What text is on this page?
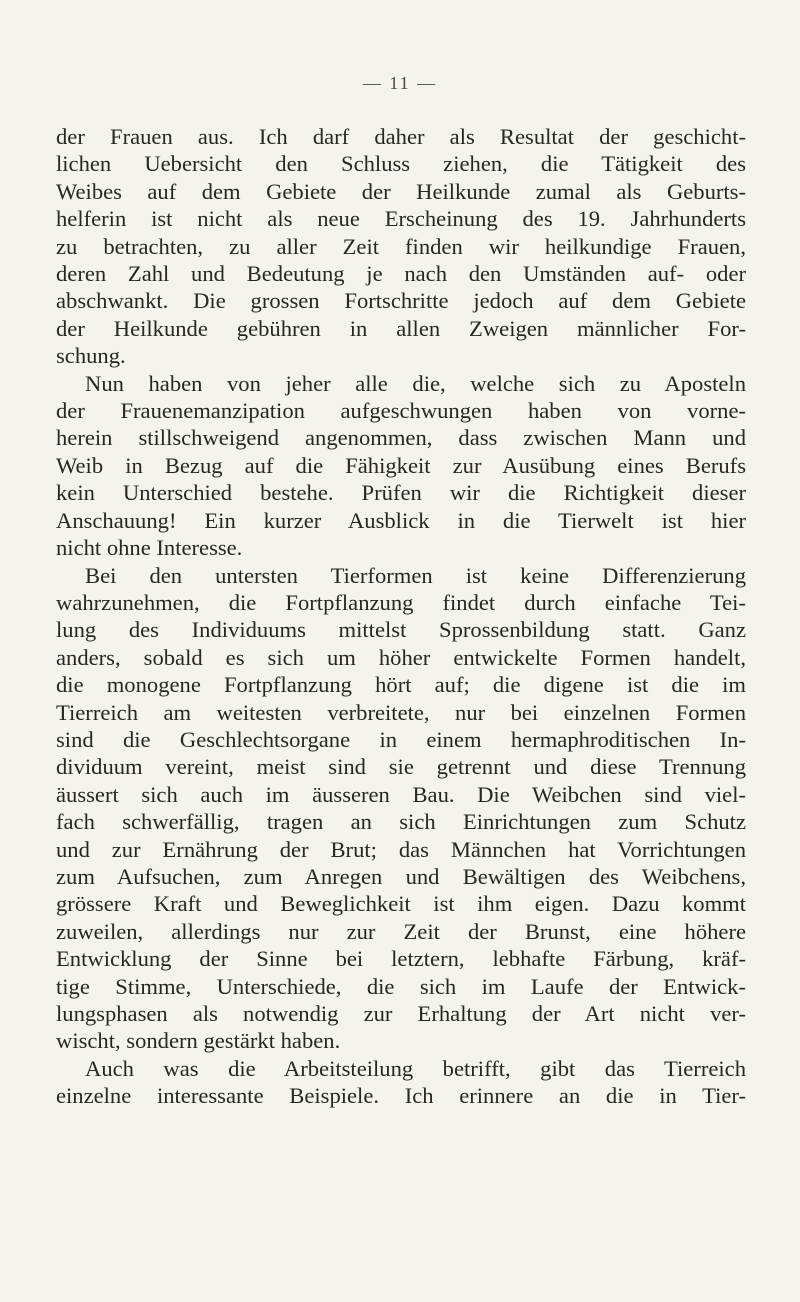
— 11 —
der Frauen aus. Ich darf daher als Resultat der geschicht-
lichen Uebersicht den Schluss ziehen, die Tätigkeit des
Weibes auf dem Gebiete der Heilkunde zumal als Geburts-
helferin ist nicht als neue Erscheinung des 19. Jahrhunderts
zu betrachten, zu aller Zeit finden wir heilkundige Frauen,
deren Zahl und Bedeutung je nach den Umständen auf- oder
abschwankt. Die grossen Fortschritte jedoch auf dem Gebiete
der Heilkunde gebühren in allen Zweigen männlicher For-
schung.
Nun haben von jeher alle die, welche sich zu Aposteln
der Frauenemanzipation aufgeschwungen haben von vorne-
herein stillschweigend angenommen, dass zwischen Mann und
Weib in Bezug auf die Fähigkeit zur Ausübung eines Berufs
kein Unterschied bestehe. Prüfen wir die Richtigkeit dieser
Anschauung! Ein kurzer Ausblick in die Tierwelt ist hier
nicht ohne Interesse.
Bei den untersten Tierformen ist keine Differenzierung
wahrzunehmen, die Fortpflanzung findet durch einfache Tei-
lung des Individuums mittelst Sprossenbildung statt. Ganz
anders, sobald es sich um höher entwickelte Formen handelt,
die monogene Fortpflanzung hört auf; die digene ist die im
Tierreich am weitesten verbreitete, nur bei einzelnen Formen
sind die Geschlechtsorgane in einem hermaphroditischen In-
dividuum vereint, meist sind sie getrennt und diese Trennung
äussert sich auch im äusseren Bau. Die Weibchen sind viel-
fach schwerfällig, tragen an sich Einrichtungen zum Schutz
und zur Ernährung der Brut; das Männchen hat Vorrichtungen
zum Aufsuchen, zum Anregen und Bewältigen des Weibchens,
grössere Kraft und Beweglichkeit ist ihm eigen. Dazu kommt
zuweilen, allerdings nur zur Zeit der Brunst, eine höhere
Entwicklung der Sinne bei letztern, lebhafte Färbung, kräf-
tige Stimme, Unterschiede, die sich im Laufe der Entwick-
lungsphasen als notwendig zur Erhaltung der Art nicht ver-
wischt, sondern gestärkt haben.
Auch was die Arbeitsteilung betrifft, gibt das Tierreich
einzelne interessante Beispiele. Ich erinnere an die in Tier-
